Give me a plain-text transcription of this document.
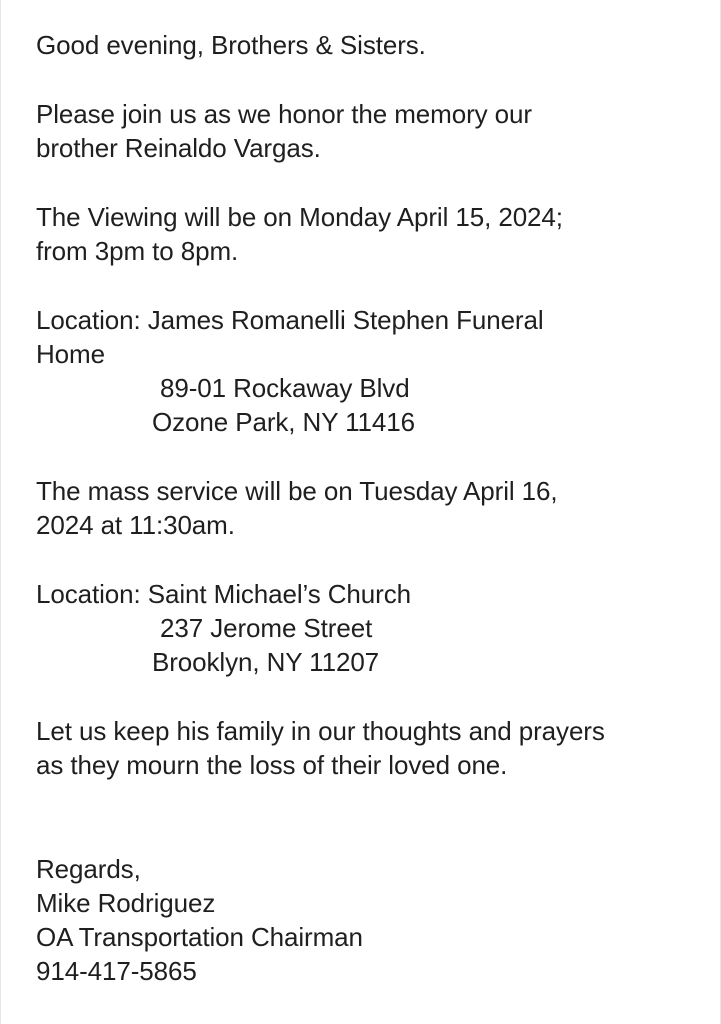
Good evening, Brothers & Sisters.
Please join us as we honor the memory our
brother Reinaldo Vargas.
The Viewing will be on Monday April 15, 2024;
from 3pm to 8pm.
Location: James Romanelli Stephen Funeral
Home
89-01 Rockaway Blvd
Ozone Park, NY 11416
The mass service will be on Tuesday April 16,
2024 at 11:30am.
Location: Saint Michael’s Church
237 Jerome Street
Brooklyn, NY 11207
Let us keep his family in our thoughts and prayers
as they mourn the loss of their loved one.
Regards,
Mike Rodriguez
OA Transportation Chairman
914-417-5865
